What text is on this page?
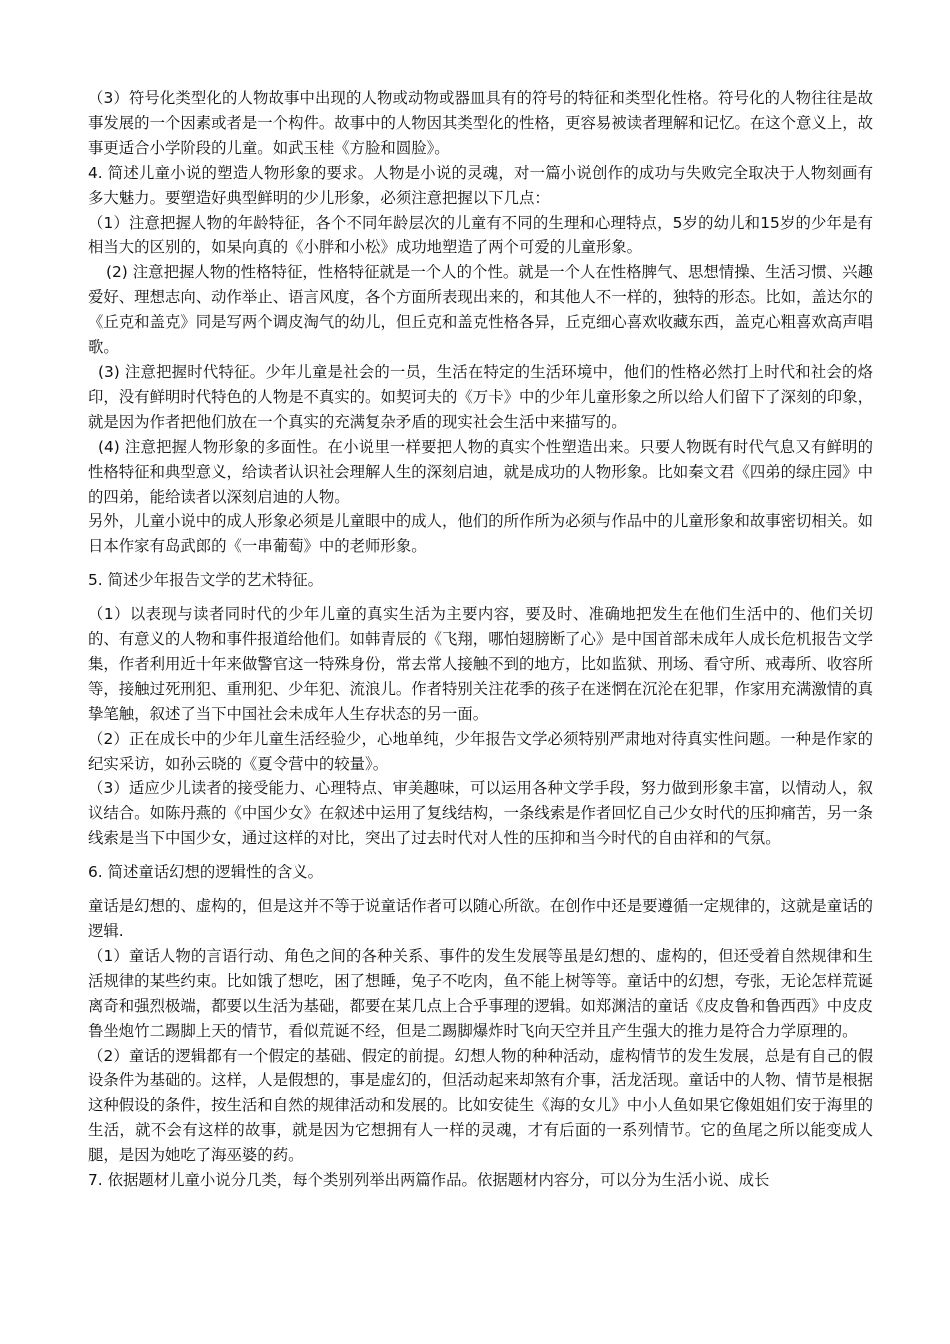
（3）符号化类型化的人物故事中出现的人物或动物或器皿具有的符号的特征和类型化性格。符号化的人物往往是故事发展的一个因素或者是一个构件。故事中的人物因其类型化的性格，更容易被读者理解和记忆。在这个意义上，故事更适合小学阶段的儿童。如武玉桂《方脸和圆脸》。

4. 简述儿童小说的塑造人物形象的要求。人物是小说的灵魂，对一篇小说创作的成功与失败完全取决于人物刻画有多大魅力。要塑造好典型鲜明的少儿形象，必须注意把握以下几点：

（1）注意把握人物的年龄特征，各个不同年龄层次的儿童有不同的生理和心理特点，5岁的幼儿和15岁的少年是有相当大的区别的，如杲向真的《小胖和小松》成功地塑造了两个可爱的儿童形象。

(2) 注意把握人物的性格特征，性格特征就是一个人的个性。就是一个人在性格脾气、思想情操、生活习惯、兴趣爱好、理想志向、动作举止、语言风度，各个方面所表现出来的，和其他人不一样的，独特的形态。比如，盖达尔的《丘克和盖克》同是写两个调皮淘气的幼儿，但丘克和盖克性格各异，丘克细心喜欢收藏东西，盖克心粗喜欢高声唱歌。

(3) 注意把握时代特征。少年儿童是社会的一员，生活在特定的生活环境中，他们的性格必然打上时代和社会的烙印，没有鲜明时代特色的人物是不真实的。如契诃夫的《万卡》中的少年儿童形象之所以给人们留下了深刻的印象，就是因为作者把他们放在一个真实的充满复杂矛盾的现实社会生活中来描写的。

(4) 注意把握人物形象的多面性。在小说里一样要把人物的真实个性塑造出来。只要人物既有时代气息又有鲜明的性格特征和典型意义，给读者认识社会理解人生的深刻启迪，就是成功的人物形象。比如秦文君《四弟的绿庄园》中的四弟，能给读者以深刻启迪的人物。

另外，儿童小说中的成人形象必须是儿童眼中的成人，他们的所作所为必须与作品中的儿童形象和故事密切相关。如日本作家有岛武郎的《一串葡萄》中的老师形象。

5. 简述少年报告文学的艺术特征。

（1）以表现与读者同时代的少年儿童的真实生活为主要内容，要及时、准确地把发生在他们生活中的、他们关切的、有意义的人物和事件报道给他们。如韩青辰的《飞翔，哪怕翅膀断了心》是中国首部未成年人成长危机报告文学集，作者利用近十年来做警官这一特殊身份，常去常人接触不到的地方，比如监狱、刑场、看守所、戒毒所、收容所等，接触过死刑犯、重刑犯、少年犯、流浪儿。作者特别关注花季的孩子在迷惘在沉沦在犯罪，作家用充满激情的真挚笔触，叙述了当下中国社会未成年人生存状态的另一面。

（2）正在成长中的少年儿童生活经验少，心地单纯，少年报告文学必须特别严肃地对待真实性问题。一种是作家的纪实采访，如孙云晓的《夏令营中的较量》。

（3）适应少儿读者的接受能力、心理特点、审美趣味，可以运用各种文学手段，努力做到形象丰富，以情动人，叙议结合。如陈丹燕的《中国少女》在叙述中运用了复线结构，一条线索是作者回忆自己少女时代的压抑痛苦，另一条线索是当下中国少女，通过这样的对比，突出了过去时代对人性的压抑和当今时代的自由祥和的气氛。

6. 简述童话幻想的逻辑性的含义。

童话是幻想的、虚构的，但是这并不等于说童话作者可以随心所欲。在创作中还是要遵循一定规律的，这就是童话的逻辑.

（1）童话人物的言语行动、角色之间的各种关系、事件的发生发展等虽是幻想的、虚构的，但还受着自然规律和生活规律的某些约束。比如饿了想吃，困了想睡，兔子不吃肉，鱼不能上树等等。童话中的幻想，夸张，无论怎样荒诞离奇和强烈极端，都要以生活为基础，都要在某几点上合乎事理的逻辑。如郑渊洁的童话《皮皮鲁和鲁西西》中皮皮鲁坐炮竹二踢脚上天的情节，看似荒诞不经，但是二踢脚爆炸时飞向天空并且产生强大的推力是符合力学原理的。

（2）童话的逻辑都有一个假定的基础、假定的前提。幻想人物的种种活动，虚构情节的发生发展，总是有自己的假设条件为基础的。这样，人是假想的，事是虚幻的，但活动起来却煞有介事，活龙活现。童话中的人物、情节是根据这种假设的条件，按生活和自然的规律活动和发展的。比如安徒生《海的女儿》中小人鱼如果它像姐姐们安于海里的生活，就不会有这样的故事，就是因为它想拥有人一样的灵魂，才有后面的一系列情节。它的鱼尾之所以能变成人腿，是因为她吃了海巫婆的药。

7. 依据题材儿童小说分几类，每个类别列举出两篇作品。依据题材内容分，可以分为生活小说、成长
